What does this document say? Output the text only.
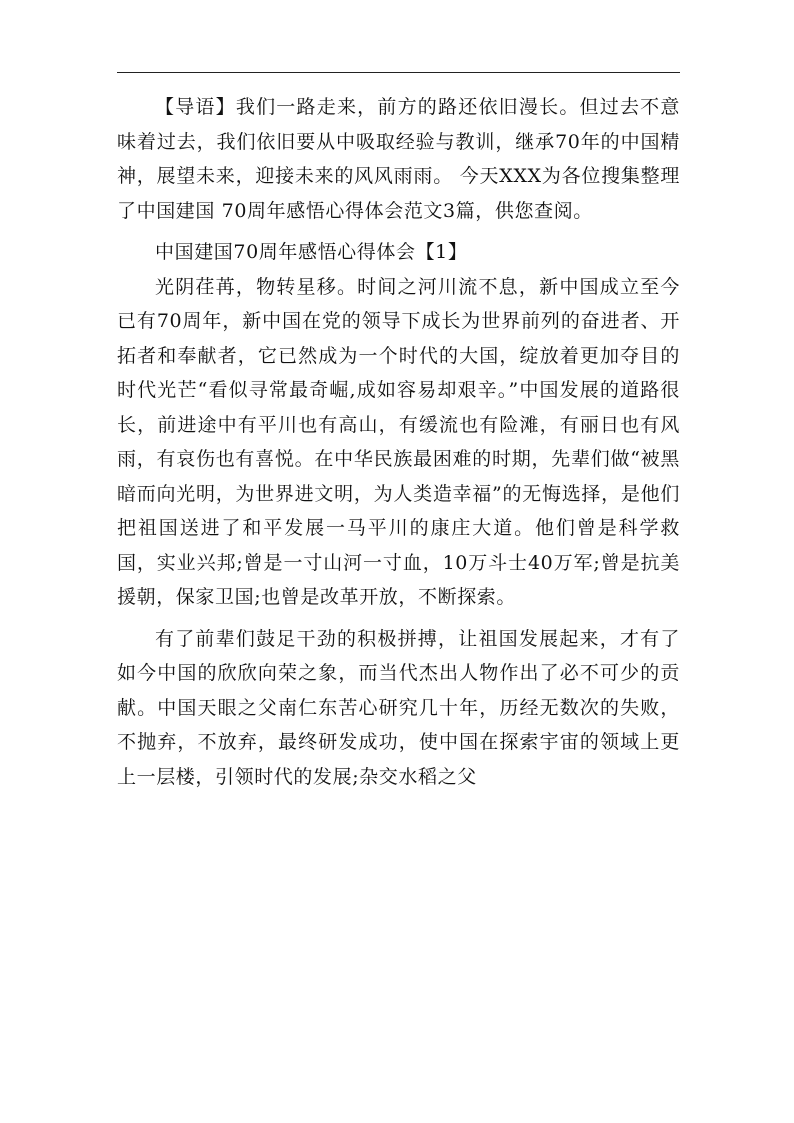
【导语】我们一路走来，前方的路还依旧漫长。但过去不意味着过去，我们依旧要从中吸取经验与教训，继承70年的中国精神，展望未来，迎接未来的风风雨雨。 今天XXX为各位搜集整理了中国建国 70周年感悟心得体会范文3篇，供您查阅。

中国建国70周年感悟心得体会【1】

光阴荏苒，物转星移。时间之河川流不息，新中国成立至今已有70周年，新中国在党的领导下成长为世界前列的奋进者、开拓者和奉献者，它已然成为一个时代的大国，绽放着更加夺目的时代光芒“看似寻常最奇崛,成如容易却艰辛。”中国发展的道路很长，前进途中有平川也有高山，有缓流也有险滩，有丽日也有风雨，有哀伤也有喜悦。在中华民族最困难的时期，先辈们做“被黑暗而向光明，为世界进文明，为人类造幸福”的无悔选择，是他们把祖国送进了和平发展一马平川的康庄大道。他们曾是科学救国，实业兴邦;曾是一寸山河一寸血，10万斗士40万军;曾是抗美援朝，保家卫国;也曾是改革开放，不断探索。

有了前辈们鼓足干劲的积极拼搏，让祖国发展起来，才有了如今中国的欣欣向荣之象，而当代杰出人物作出了必不可少的贡献。中国天眼之父南仁东苦心研究几十年，历经无数次的失败，不抛弃，不放弃，最终研发成功，使中国在探索宇宙的领域上更上一层楼，引领时代的发展;杂交水稻之父
